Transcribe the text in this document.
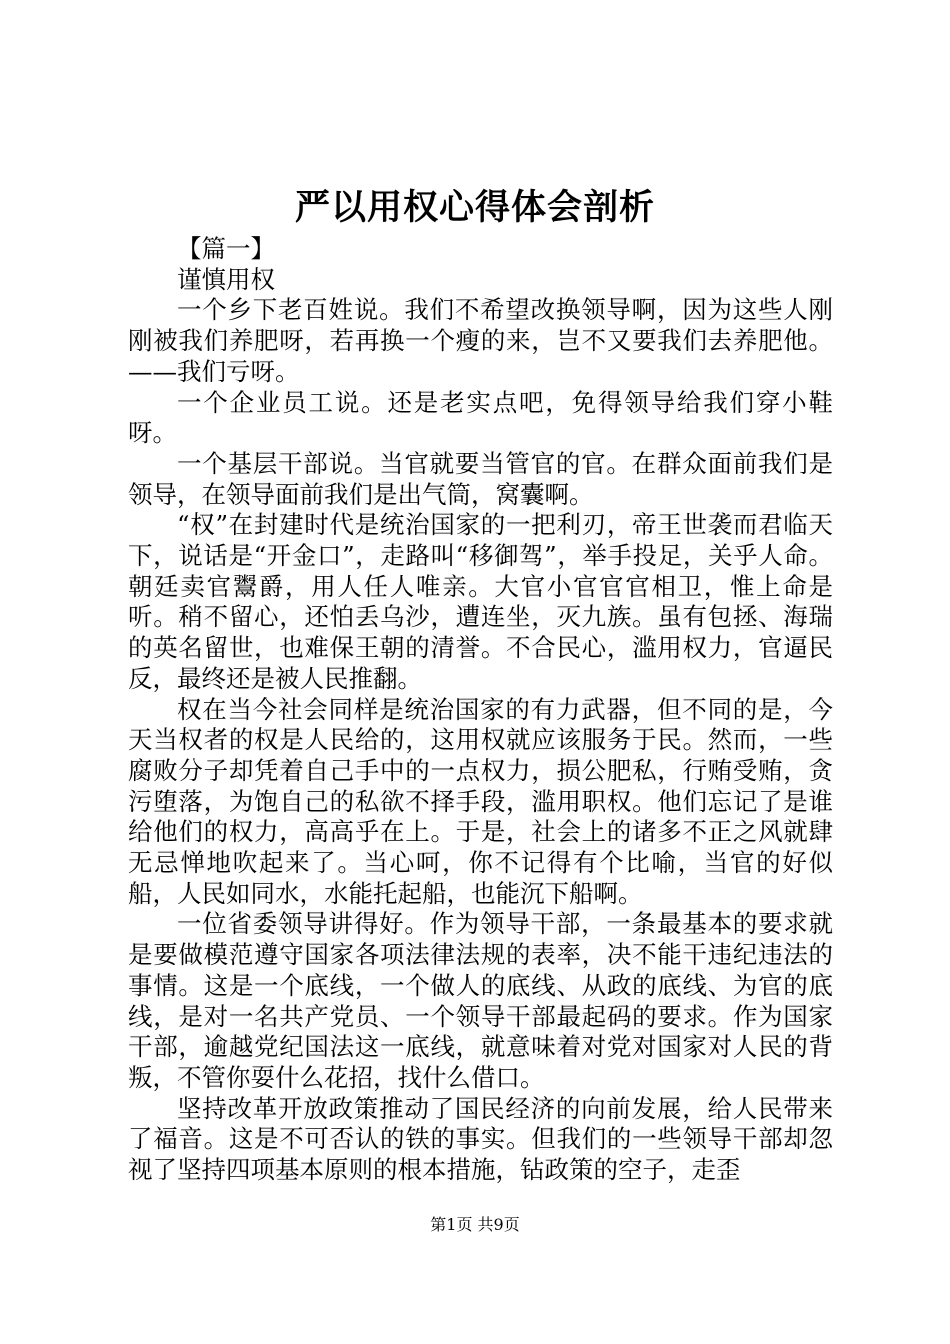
严以用权心得体会剖析

【篇一】

谨慎用权

一个乡下老百姓说。我们不希望改换领导啊，因为这些人刚刚被我们养肥呀，若再换一个瘦的来，岂不又要我们去养肥他。——我们亏呀。

一个企业员工说。还是老实点吧，免得领导给我们穿小鞋呀。

一个基层干部说。当官就要当管官的官。在群众面前我们是领导，在领导面前我们是出气筒，窝囊啊。

“权”在封建时代是统治国家的一把利刃，帝王世袭而君临天下，说话是“开金口”，走路叫“移御驾”，举手投足，关乎人命。朝廷卖官鬻爵，用人任人唯亲。大官小官官官相卫，惟上命是听。稍不留心，还怕丢乌沙，遭连坐，灭九族。虽有包拯、海瑞的英名留世，也难保王朝的清誉。不合民心，滥用权力，官逼民反，最终还是被人民推翻。

权在当今社会同样是统治国家的有力武器，但不同的是，今天当权者的权是人民给的，这用权就应该服务于民。然而，一些腐败分子却凭着自己手中的一点权力，损公肥私，行贿受贿，贪污堕落，为饱自己的私欲不择手段，滥用职权。他们忘记了是谁给他们的权力，高高乎在上。于是，社会上的诸多不正之风就肆无忌惮地吹起来了。当心呵，你不记得有个比喻，当官的好似船，人民如同水，水能托起船，也能沉下船啊。

一位省委领导讲得好。作为领导干部，一条最基本的要求就是要做模范遵守国家各项法律法规的表率，决不能干违纪违法的事情。这是一个底线，一个做人的底线、从政的底线、为官的底线，是对一名共产党员、一个领导干部最起码的要求。作为国家干部，逾越党纪国法这一底线，就意味着对党对国家对人民的背叛，不管你耍什么花招，找什么借口。

坚持改革开放政策推动了国民经济的向前发展，给人民带来了福音。这是不可否认的铁的事实。但我们的一些领导干部却忽视了坚持四项基本原则的根本措施，钻政策的空子，走歪

第1页 共9页
